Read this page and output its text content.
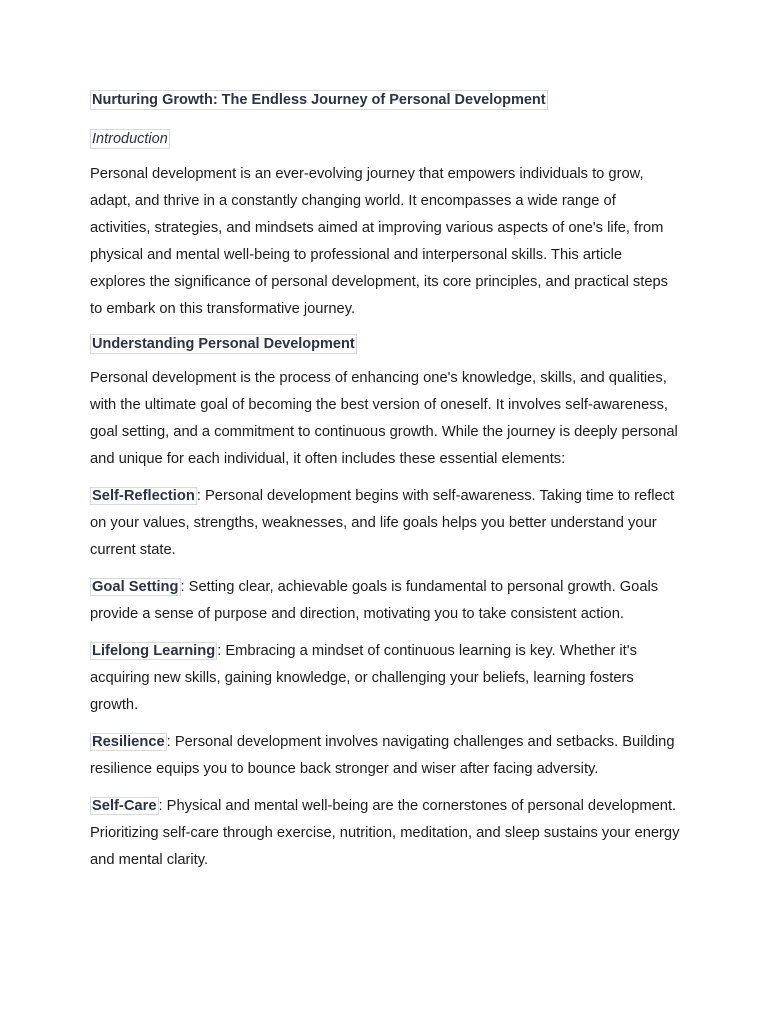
Nurturing Growth: The Endless Journey of Personal Development
Introduction

Personal development is an ever-evolving journey that empowers individuals to grow, adapt, and thrive in a constantly changing world. It encompasses a wide range of activities, strategies, and mindsets aimed at improving various aspects of one's life, from physical and mental well-being to professional and interpersonal skills. This article explores the significance of personal development, its core principles, and practical steps to embark on this transformative journey.

Understanding Personal Development

Personal development is the process of enhancing one's knowledge, skills, and qualities, with the ultimate goal of becoming the best version of oneself. It involves self-awareness, goal setting, and a commitment to continuous growth. While the journey is deeply personal and unique for each individual, it often includes these essential elements:

Self-Reflection : Personal development begins with self-awareness. Taking time to reflect on your values, strengths, weaknesses, and life goals helps you better understand your current state.

Goal Setting : Setting clear, achievable goals is fundamental to personal growth. Goals provide a sense of purpose and direction, motivating you to take consistent action.

Lifelong Learning : Embracing a mindset of continuous learning is key. Whether it's acquiring new skills, gaining knowledge, or challenging your beliefs, learning fosters growth.

Resilience : Personal development involves navigating challenges and setbacks. Building resilience equips you to bounce back stronger and wiser after facing adversity.

Self-Care : Physical and mental well-being are the cornerstones of personal development. Prioritizing self-care through exercise, nutrition, meditation, and sleep sustains your energy and mental clarity.
